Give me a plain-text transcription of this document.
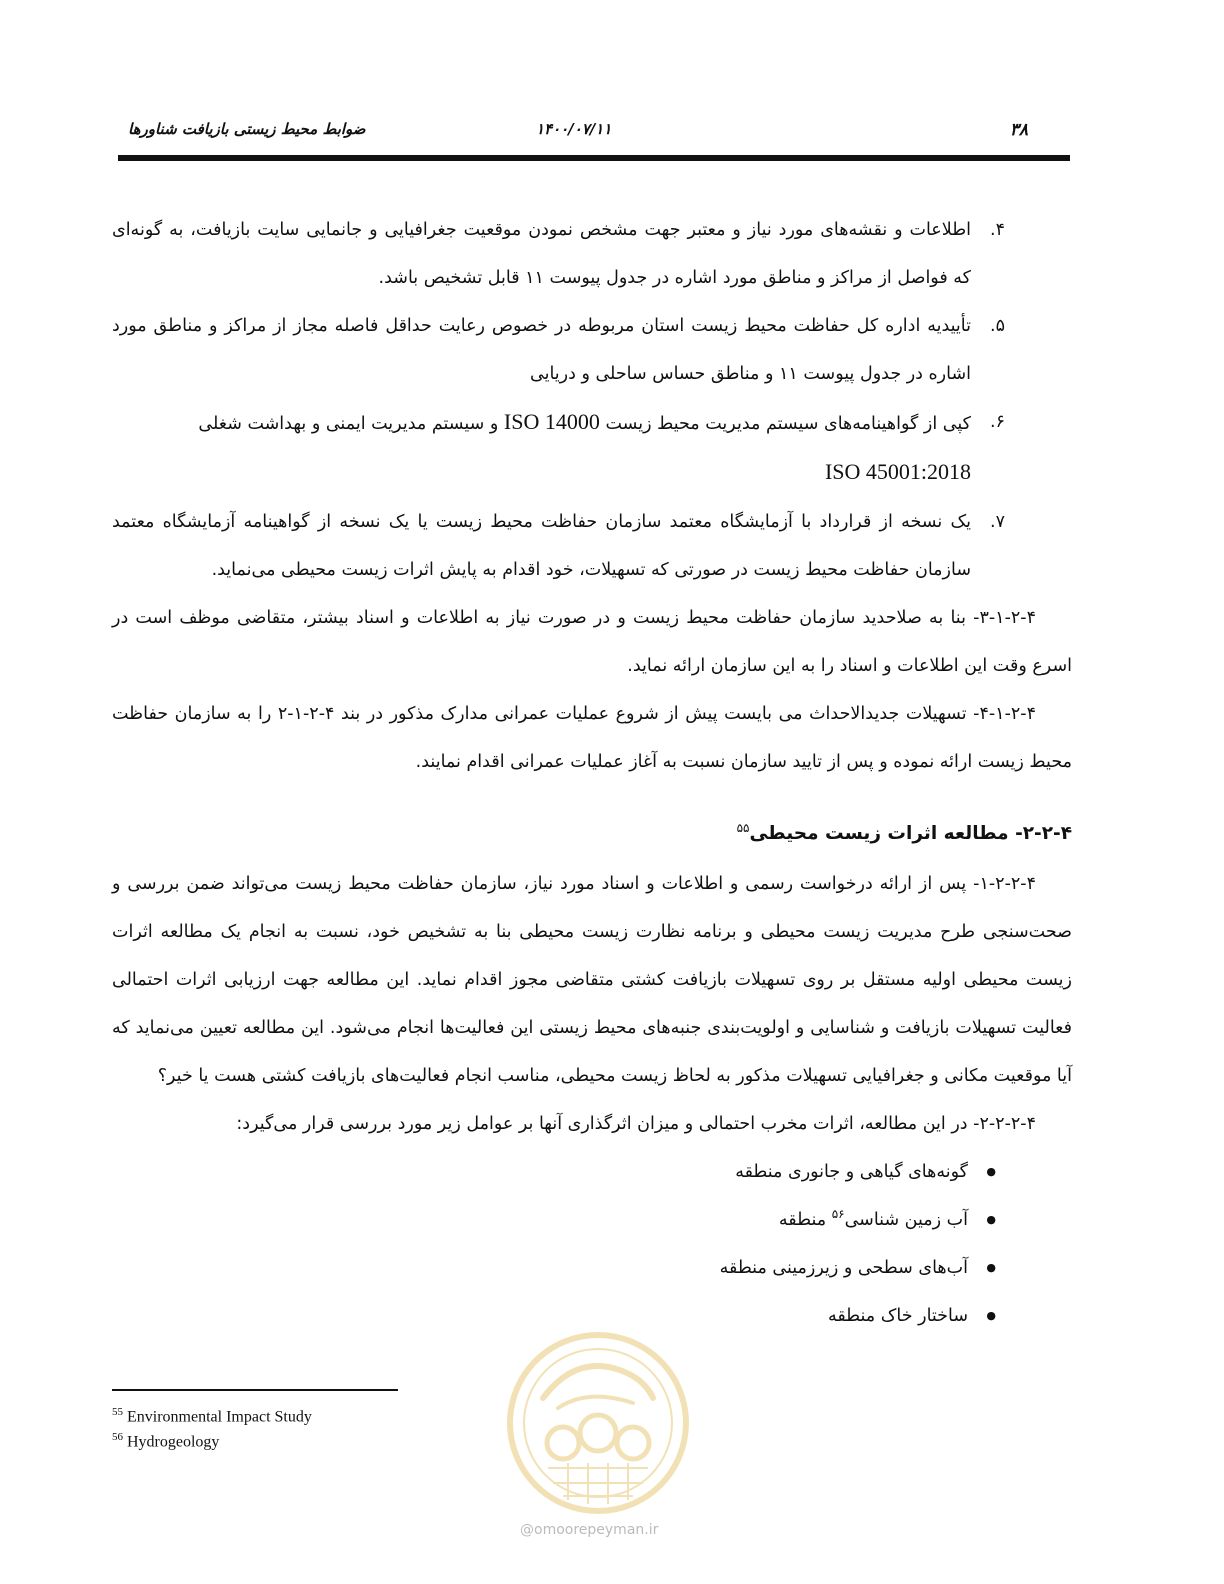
۳۸
۱۴۰۰/۰۷/۱۱
ضوابط محیط زیستی بازیافت شناورها
۴.
اطلاعات و نقشه‌های مورد نیاز و معتبر جهت مشخص نمودن موقعیت جغرافیایی و جانمایی سایت بازیافت، به گونه‌ای که فواصل از مراکز و مناطق مورد اشاره در جدول پیوست ۱۱ قابل تشخیص باشد.
۵.
تأییدیه اداره کل حفاظت محیط زیست استان مربوطه در خصوص رعایت حداقل فاصله مجاز از مراکز و مناطق مورد اشاره در جدول پیوست ۱۱ و مناطق حساس ساحلی و دریایی
۶.
کپی از گواهینامه‌های سیستم مدیریت محیط زیست ISO 14000 و سیستم مدیریت ایمنی و بهداشت شغلی
ISO 45001:2018
۷.
یک نسخه از قرارداد با آزمایشگاه معتمد سازمان حفاظت محیط زیست یا یک نسخه از گواهینامه آزمایشگاه معتمد سازمان حفاظت محیط زیست در صورتی که تسهیلات، خود اقدام به پایش اثرات زیست محیطی می‌نماید.
۳-۱-۲-۴- بنا به صلاحدید سازمان حفاظت محیط زیست و در صورت نیاز به اطلاعات و اسناد بیشتر، متقاضی موظف است در اسرع وقت این اطلاعات و اسناد را به این سازمان ارائه نماید.
۴-۱-۲-۴- تسهیلات جدیدالاحداث می بایست پیش از شروع عملیات عمرانی مدارک مذکور در بند ۴-۲-۱-۲ را به سازمان حفاظت محیط زیست ارائه نموده و پس از تایید سازمان نسبت به آغاز عملیات عمرانی اقدام نمایند.
۲-۲-۴- مطالعه اثرات زیست محیطی$^{۵۵}$
۱-۲-۲-۴- پس از ارائه درخواست رسمی و اطلاعات و اسناد مورد نیاز، سازمان حفاظت محیط زیست می‌تواند ضمن بررسی و صحت‌سنجی طرح مدیریت زیست محیطی و برنامه نظارت زیست محیطی بنا به تشخیص خود، نسبت به انجام یک مطالعه اثرات زیست محیطی اولیه مستقل بر روی تسهیلات بازیافت کشتی متقاضی مجوز اقدام نماید. این مطالعه جهت ارزیابی اثرات احتمالی فعالیت تسهیلات بازیافت و شناسایی و اولویت‌بندی جنبه‌های محیط زیستی این فعالیت‌ها انجام می‌شود. این مطالعه تعیین می‌نماید که آیا موقعیت مکانی و جغرافیایی تسهیلات مذکور به لحاظ زیست محیطی، مناسب انجام فعالیت‌های بازیافت کشتی هست یا خیر؟
۲-۲-۲-۴- در این مطالعه، اثرات مخرب احتمالی و میزان اثرگذاری آنها بر عوامل زیر مورد بررسی قرار می‌گیرد:
● گونه‌های گیاهی و جانوری منطقه
● آب زمین شناسی$^{۵۶}$ منطقه
● آب‌های سطحی و زیرزمینی منطقه
● ساختار خاک منطقه
$^{55}$ Environmental Impact Study
$^{56}$ Hydrogeology
@omoorepeyman.ir
